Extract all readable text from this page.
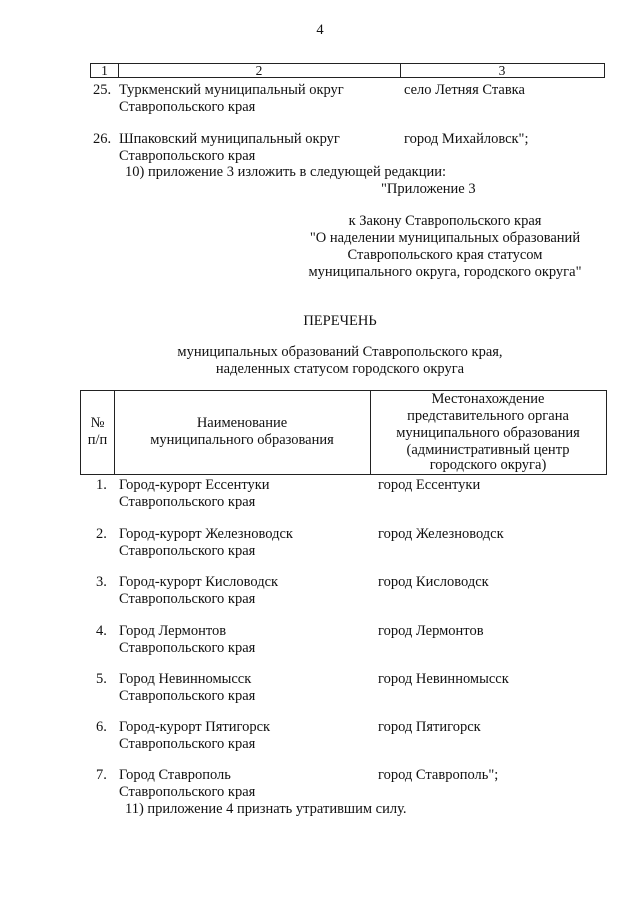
4
1	2	3
25. Туркменский муниципальный округ
Ставропольского края
село Летняя Ставка
26. Шпаковский муниципальный округ
Ставропольского края
город Михайловск";
10) приложение 3 изложить в следующей редакции:
"Приложение 3
к Закону Ставропольского края
"О наделении муниципальных образований
Ставропольского края статусом
муниципального округа, городского округа"
ПЕРЕЧЕНЬ
муниципальных образований Ставропольского края,
наделенных статусом городского округа
№
п/п
Наименование
муниципального образования
Местонахождение
представительного органа
муниципального образования
(административный центр
городского округа)
1. Город-курорт Ессентуки
Ставропольского края
город Ессентуки
2. Город-курорт Железноводск
Ставропольского края
город Железноводск
3. Город-курорт Кисловодск
Ставропольского края
город Кисловодск
4. Город Лермонтов
Ставропольского края
город Лермонтов
5. Город Невинномысск
Ставропольского края
город Невинномысск
6. Город-курорт Пятигорск
Ставропольского края
город Пятигорск
7. Город Ставрополь
Ставропольского края
город Ставрополь";
11) приложение 4 признать утратившим силу.
